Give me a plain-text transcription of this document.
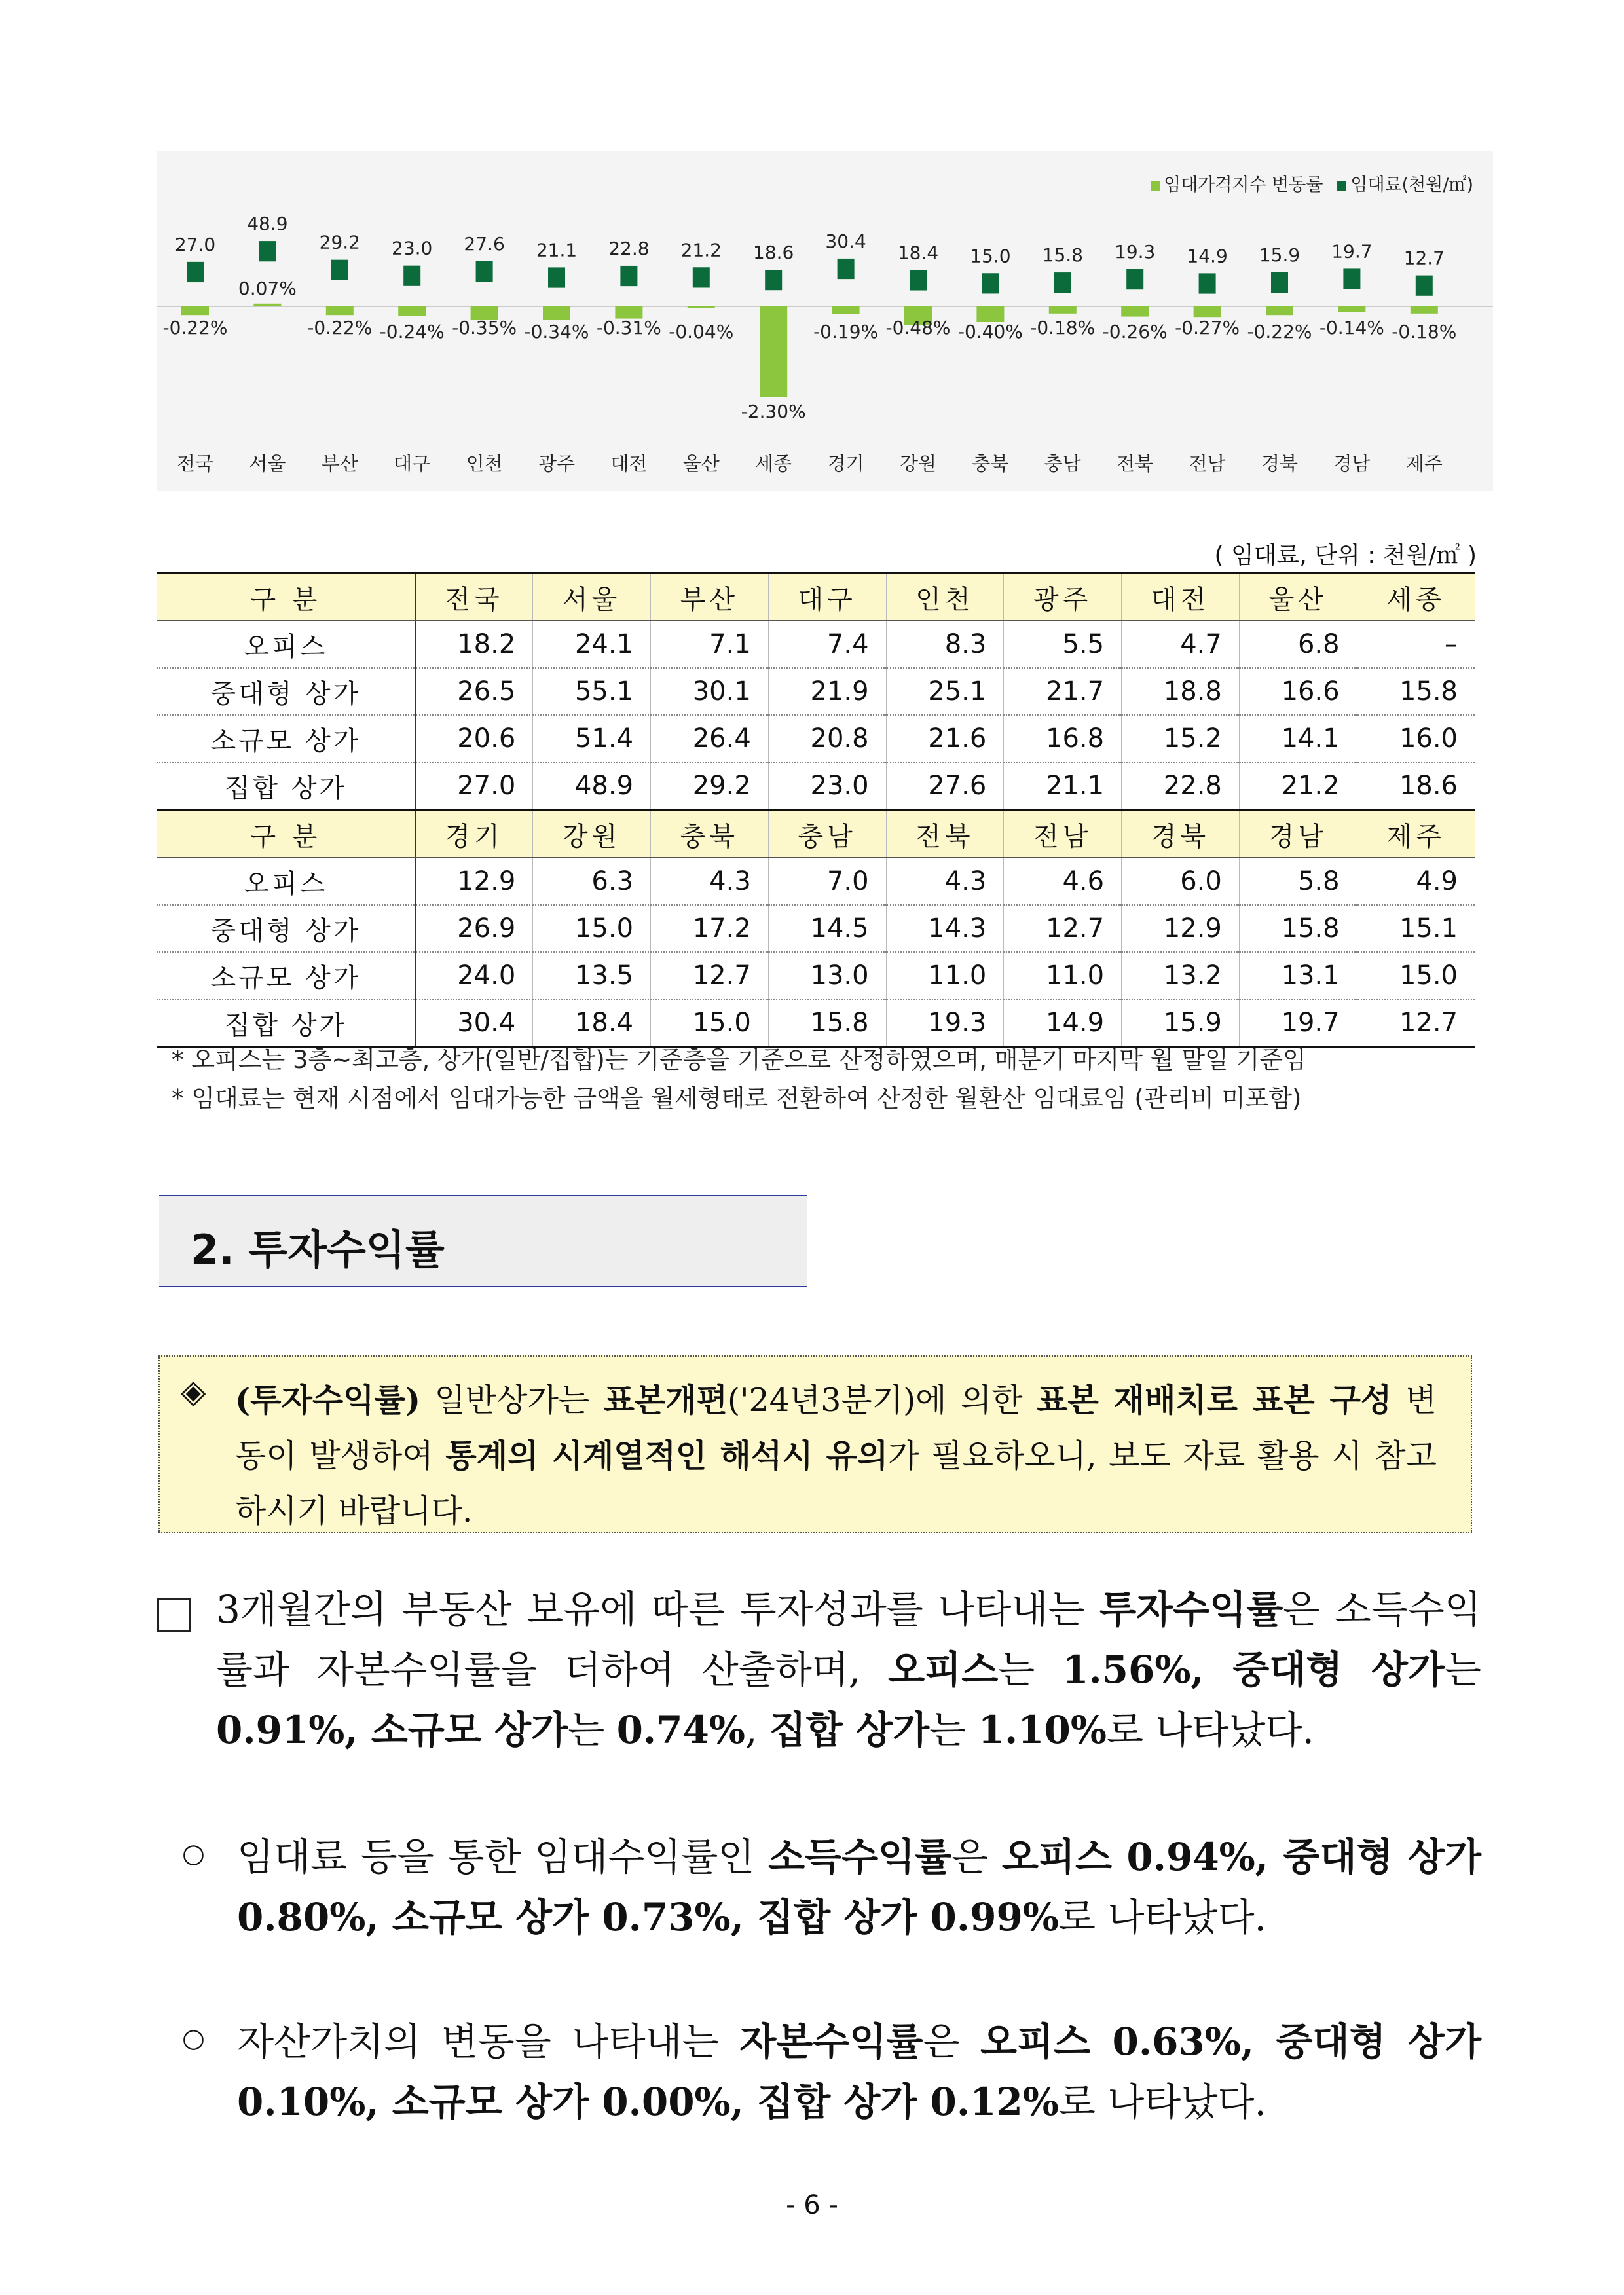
27.0
-0.22%
전국
48.9
0.07%
서울
29.2
-0.22%
부산
23.0
-0.24%
대구
27.6
-0.35%
인천
21.1
-0.34%
광주
22.8
-0.31%
대전
21.2
-0.04%
울산
18.6
-2.30%
세종
30.4
-0.19%
경기
18.4
-0.48%
강원
15.0
-0.40%
충북
15.8
-0.18%
충남
19.3
-0.26%
전북
14.9
-0.27%
전남
15.9
-0.22%
경북
19.7
-0.14%
경남
12.7
-0.18%
제주
임대가격지수 변동률	임대료(천원/㎡)
( 임대료, 단위 : 천원/㎡ )
구 분	전국	서울	부산	대구	인천	광주	대전	울산	세종
오피스	18.2	24.1	7.1	7.4	8.3	5.5	4.7	6.8	–
중대형 상가	26.5	55.1	30.1	21.9	25.1	21.7	18.8	16.6	15.8
소규모 상가	20.6	51.4	26.4	20.8	21.6	16.8	15.2	14.1	16.0
집합 상가	27.0	48.9	29.2	23.0	27.6	21.1	22.8	21.2	18.6
구 분	경기	강원	충북	충남	전북	전남	경북	경남	제주
오피스	12.9	6.3	4.3	7.0	4.3	4.6	6.0	5.8	4.9
중대형 상가	26.9	15.0	17.2	14.5	14.3	12.7	12.9	15.8	15.1
소규모 상가	24.0	13.5	12.7	13.0	11.0	11.0	13.2	13.1	15.0
집합 상가	30.4	18.4	15.0	15.8	19.3	14.9	15.9	19.7	12.7
* 오피스는 3층~최고층, 상가(일반/집합)는 기준층을 기준으로 산정하였으며, 매분기 마지막 월 말일 기준임
* 임대료는 현재 시점에서 임대가능한 금액을 월세형태로 전환하여 산정한 월환산 임대료임 (관리비 미포함)
2. 투자수익률
◈ (투자수익률) 일반상가는 표본개편('24년3분기)에 의한 표본 재배치로 표본 구성 변동이 발생하여 통계의 시계열적인 해석시 유의가 필요하오니, 보도 자료 활용 시 참고하시기 바랍니다.
3개월간의 부동산 보유에 따른 투자성과를 나타내는 투자수익률은 소득수익률과 자본수익률을 더하여 산출하며, 오피스는 1.56%, 중대형 상가는 0.91%, 소규모 상가는 0.74%, 집합 상가는 1.10%로 나타났다.
○ 임대료 등을 통한 임대수익률인 소득수익률은 오피스 0.94%, 중대형 상가 0.80%, 소규모 상가 0.73%, 집합 상가 0.99%로 나타났다.
○ 자산가치의 변동을 나타내는 자본수익률은 오피스 0.63%, 중대형 상가 0.10%, 소규모 상가 0.00%, 집합 상가 0.12%로 나타났다.
- 6 -
